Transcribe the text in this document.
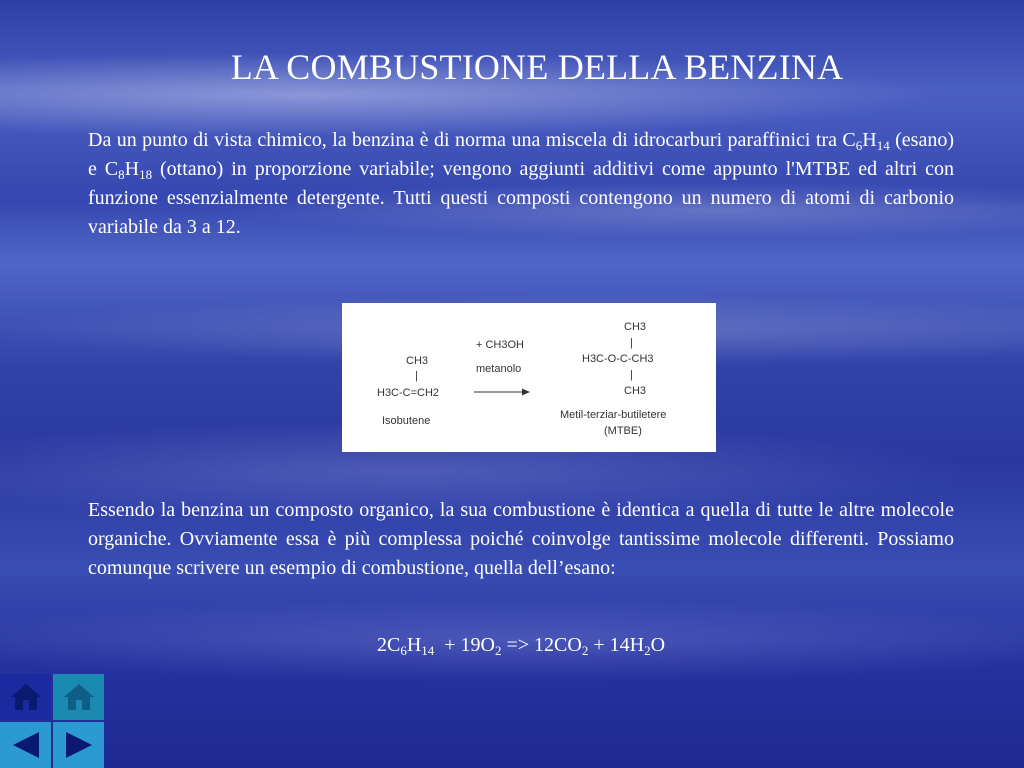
LA COMBUSTIONE DELLA BENZINA
Da un punto di vista chimico, la benzina è di norma una miscela di idrocarburi paraffinici tra $C_6H_{14}$ (esano) e $C_8H_{18}$ (ottano) in proporzione variabile; vengono aggiunti additivi come appunto l'MTBE ed altri con funzione essenzialmente detergente. Tutti questi composti contengono un numero di atomi di carbonio variabile da 3 a 12.
CH3
|
H3C-C=CH2
Isobutene
+ CH3OH
metanolo
CH3
|
H3C-O-C-CH3
|
CH3
Metil-terziar-butiletere
(MTBE)
Essendo la benzina un composto organico, la sua combustione è identica a quella di tutte le altre molecole organiche. Ovviamente essa è più complessa poiché coinvolge tantissime molecole differenti. Possiamo comunque scrivere un esempio di combustione, quella dell’esano:
$2C_6H_{14} + 19O_2 => 12CO_2 + 14H_2O$
